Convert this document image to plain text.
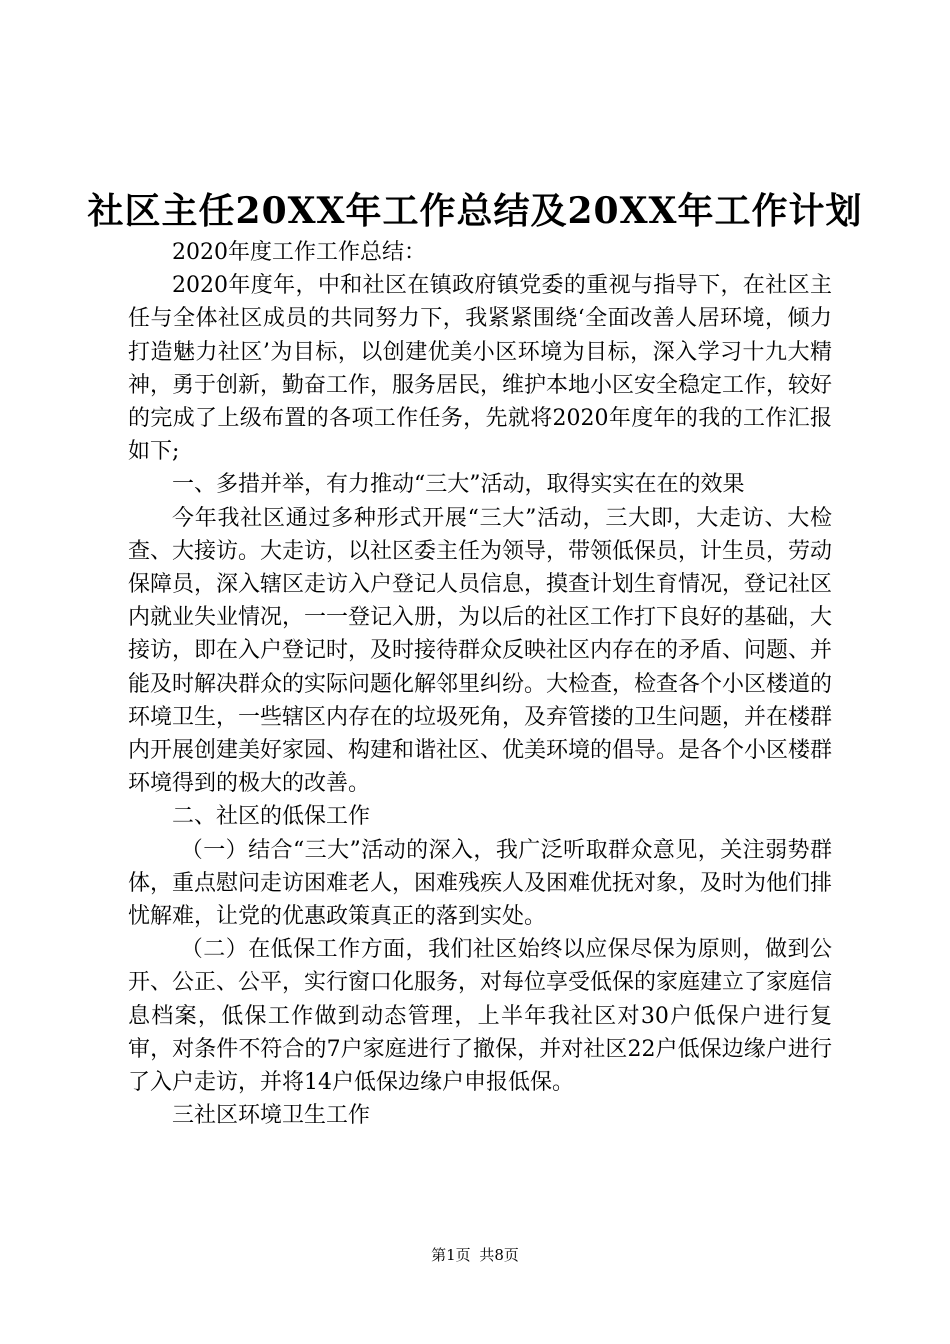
社区主任20XX年工作总结及20XX年工作计划

2020年度工作工作总结：

2020年度年，中和社区在镇政府镇党委的重视与指导下，在社区主任与全体社区成员的共同努力下，我紧紧围绕‘全面改善人居环境，倾力打造魅力社区’为目标，以创建优美小区环境为目标，深入学习十九大精神，勇于创新，勤奋工作，服务居民，维护本地小区安全稳定工作，较好的完成了上级布置的各项工作任务，先就将2020年度年的我的工作汇报如下;

一、多措并举，有力推动“三大”活动，取得实实在在的效果

今年我社区通过多种形式开展“三大”活动，三大即，大走访、大检查、大接访。大走访，以社区委主任为领导，带领低保员，计生员，劳动保障员，深入辖区走访入户登记人员信息，摸查计划生育情况，登记社区内就业失业情况，一一登记入册，为以后的社区工作打下良好的基础，大接访，即在入户登记时，及时接待群众反映社区内存在的矛盾、问题、并能及时解决群众的实际问题化解邻里纠纷。大检查，检查各个小区楼道的环境卫生，一些辖区内存在的垃圾死角，及弃管搂的卫生问题，并在楼群内开展创建美好家园、构建和谐社区、优美环境的倡导。是各个小区楼群环境得到的极大的改善。

二、社区的低保工作

（一）结合“三大”活动的深入，我广泛听取群众意见，关注弱势群体，重点慰问走访困难老人，困难残疾人及困难优抚对象，及时为他们排忧解难，让党的优惠政策真正的落到实处。

（二）在低保工作方面，我们社区始终以应保尽保为原则，做到公开、公正、公平，实行窗口化服务，对每位享受低保的家庭建立了家庭信息档案，低保工作做到动态管理，上半年我社区对30户低保户进行复审，对条件不符合的7户家庭进行了撤保，并对社区22户低保边缘户进行了入户走访，并将14户低保边缘户申报低保。

三社区环境卫生工作

第1页 共8页
